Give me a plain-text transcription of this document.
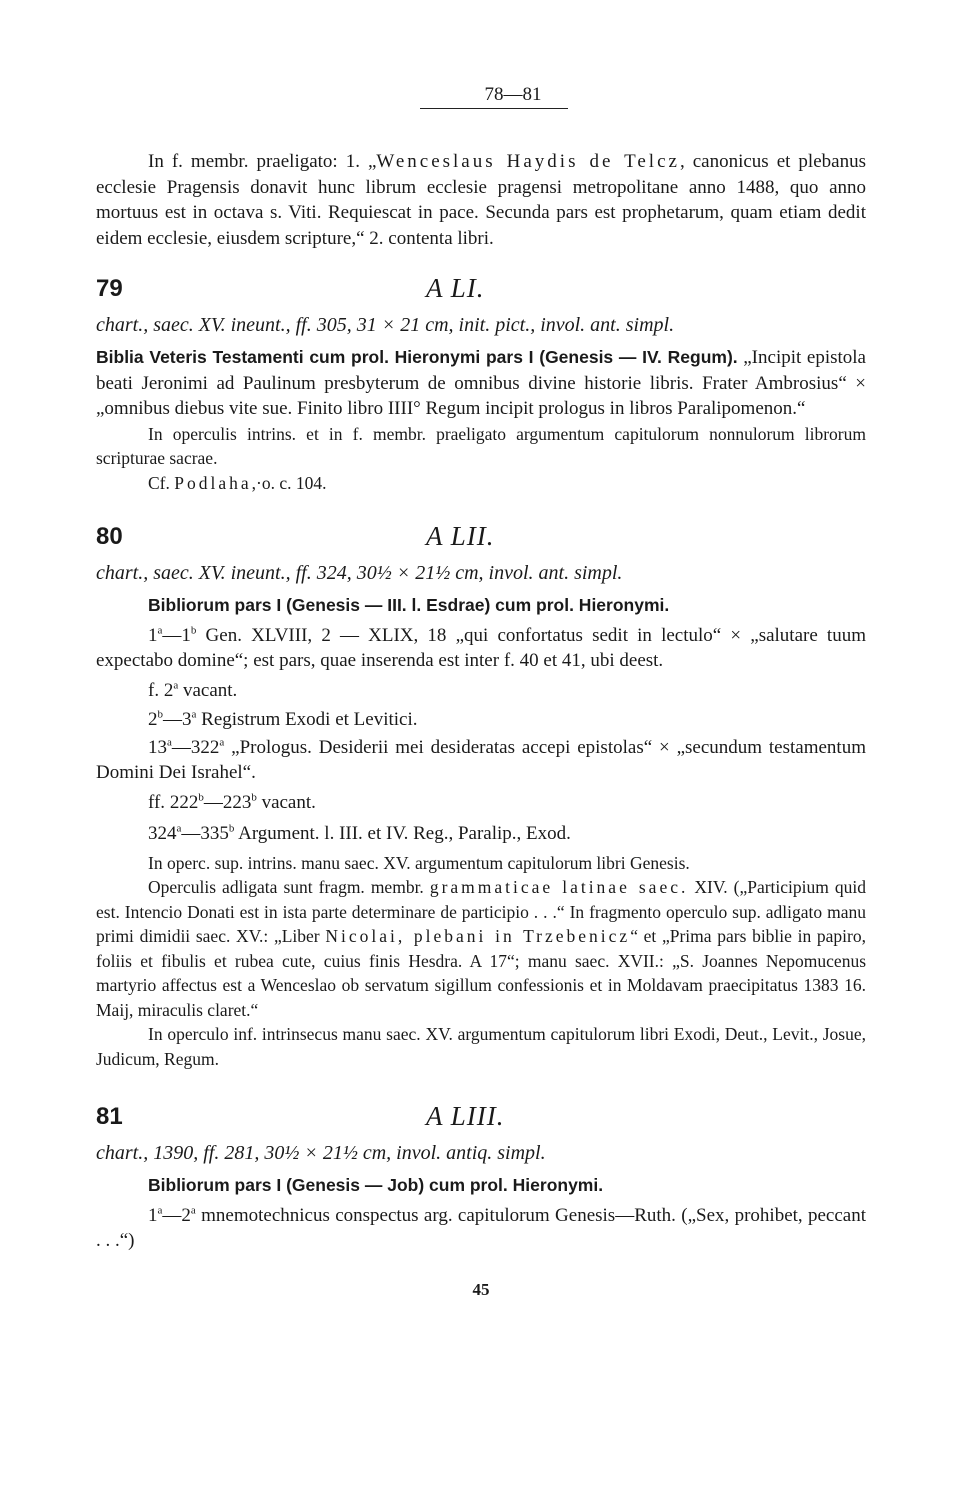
78—81

In f. membr. praeligato: 1. „Wenceslaus Haydis de Telcz, canonicus et plebanus ecclesie Pragensis donavit hunc librum ecclesie pragensi metropolitane anno 1488, quo anno mortuus est in octava s. Viti. Requiescat in pace. Secunda pars est prophetarum, quam etiam dedit eidem ecclesie, eiusdem scripture,“ 2. contenta libri.

79	A LI.
chart., saec. XV. ineunt., ff. 305, 31 × 21 cm, init. pict., invol. ant. simpl.

Biblia Veteris Testamenti cum prol. Hieronymi pars I (Genesis — IV. Regum). „Incipit epistola beati Jeronimi ad Paulinum presbyterum de omnibus divine historie libris. Frater Ambrosius“ × „omnibus diebus vite sue. Finito libro IIII° Regum incipit prologus in libros Paralipomenon.“

In operculis intrins. et in f. membr. praeligato argumentum capitulorum nonnulorum librorum scripturae sacrae.

Cf. Podlaha,·o. c. 104.

80	A LII.
chart., saec. XV. ineunt., ff. 324, 30½ × 21½ cm, invol. ant. simpl.

Bibliorum pars I (Genesis — III. l. Esdrae) cum prol. Hieronymi.

1$^a$—1$^b$ Gen. XLVIII, 2 — XLIX, 18 „qui confortatus sedit in lectulo“ × „salutare tuum expectabo domine“; est pars, quae inserenda est inter f. 40 et 41, ubi deest.

f. 2$^a$ vacant.

2$^b$—3$^a$ Registrum Exodi et Levitici.

13$^a$—322$^a$ „Prologus. Desiderii mei desideratas accepi epistolas“ × „secundum testamentum Domini Dei Israhel“.

ff. 222$^b$—223$^b$ vacant.

324$^a$—335$^b$ Argument. l. III. et IV. Reg., Paralip., Exod.

In operc. sup. intrins. manu saec. XV. argumentum capitulorum libri Genesis.

Operculis adligata sunt fragm. membr. grammaticae latinae saec. XIV. („Participium quid est. Intencio Donati est in ista parte determinare de participio . . .“ In fragmento operculo sup. adligato manu primi dimidii saec. XV.: „Liber Nicolai, plebani in Trzebenicz“ et „Prima pars biblie in papiro, foliis et fibulis et rubea cute, cuius finis Hesdra. A 17“; manu saec. XVII.: „S. Joannes Nepomucenus martyrio affectus est a Wenceslao ob servatum sigillum confessionis et in Moldavam praecipitatus 1383 16. Maij, miraculis claret.“

In operculo inf. intrinsecus manu saec. XV. argumentum capitulorum libri Exodi, Deut., Levit., Josue, Judicum, Regum.

81	A LIII.
chart., 1390, ff. 281, 30½ × 21½ cm, invol. antiq. simpl.

Bibliorum pars I (Genesis — Job) cum prol. Hieronymi.

1$^a$—2$^a$ mnemotechnicus conspectus arg. capitulorum Genesis—Ruth. („Sex, prohibet, peccant . . .“)

45
